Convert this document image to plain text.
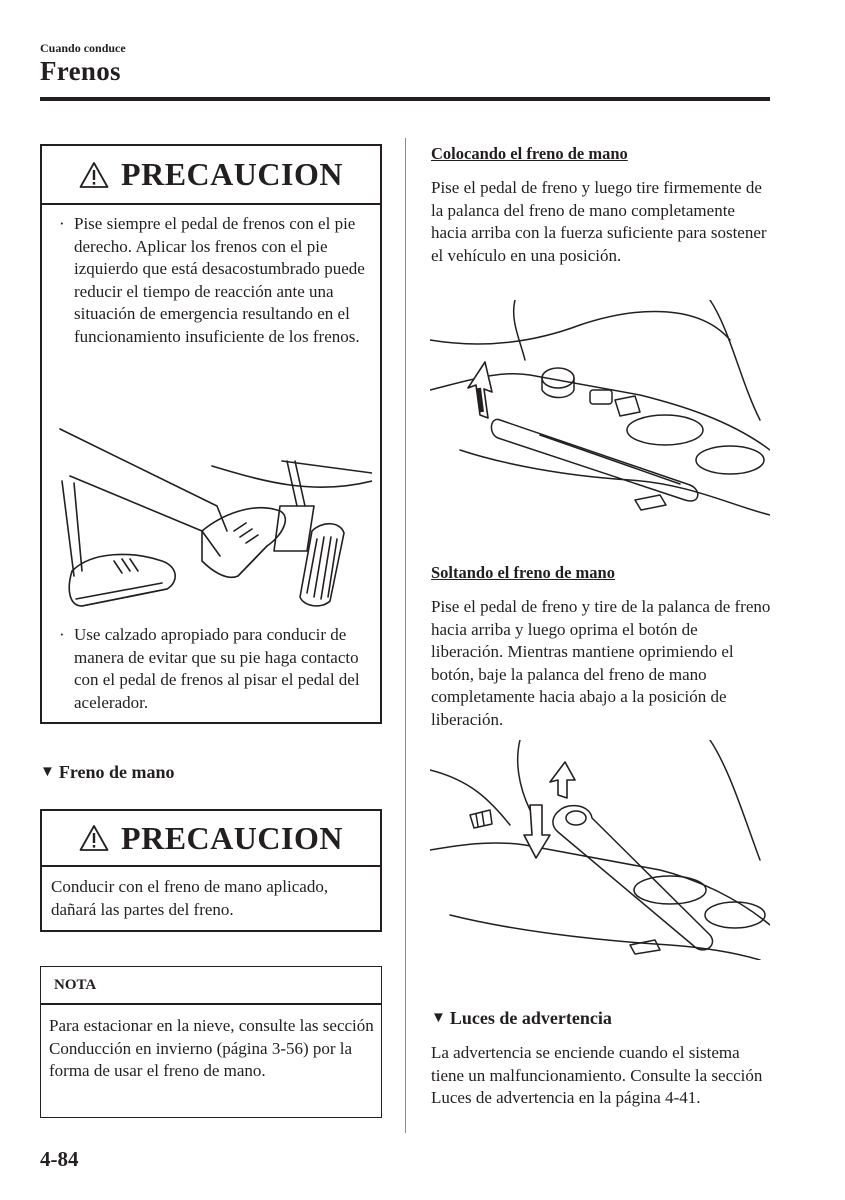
Cuando conduce
Frenos
PRECAUCION
· Pise siempre el pedal de frenos con el pie derecho. Aplicar los frenos con el pie izquierdo que está desacostumbrado puede reducir el tiempo de reacción ante una situación de emergencia resultando en el funcionamiento insuficiente de los frenos.
· Use calzado apropiado para conducir de manera de evitar que su pie haga contacto con el pedal de frenos al pisar el pedal del acelerador.
▼ Freno de mano
PRECAUCION
Conducir con el freno de mano aplicado, dañará las partes del freno.
NOTA
Para estacionar en la nieve, consulte las sección Conducción en invierno (página 3-56) por la forma de usar el freno de mano.
Colocando el freno de mano
Pise el pedal de freno y luego tire firmemente de la palanca del freno de mano completamente hacia arriba con la fuerza suficiente para sostener el vehículo en una posición.
Soltando el freno de mano
Pise el pedal de freno y tire de la palanca de freno hacia arriba y luego oprima el botón de liberación. Mientras mantiene oprimiendo el botón, baje la palanca del freno de mano completamente hacia abajo a la posición de liberación.
▼ Luces de advertencia
La advertencia se enciende cuando el sistema tiene un malfuncionamiento. Consulte la sección Luces de advertencia en la página 4-41.
4-84
